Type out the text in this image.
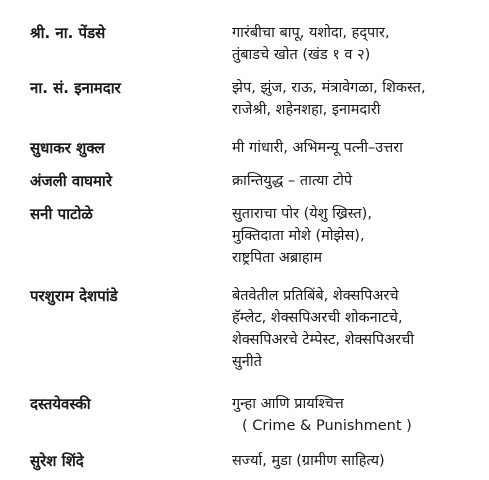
श्री. ना. पेंडसे	गारंबीचा बापू, यशोदा, हद्‌पार,
तुंबाडचे खोत (खंड १ व २)
ना. सं. इनामदार	झेप, झुंज, राऊ, मंत्रावेगळा, शिकस्त,
राजेश्री, शहेनशहा, इनामदारी
सुधाकर शुक्ल	मी गांधारी, अभिमन्यू पत्नी–उत्तरा
अंजली वाघमारे	क्रान्तियुद्ध – तात्या टोपे
सनी पाटोळे	सुताराचा पोर (येशु ख्रिस्त),
मुक्तिदाता मोशे (मोझेस),
राष्ट्रपिता अब्राहाम
परशुराम देशपांडे	बेतवेतील प्रतिबिंबे, शेक्सपिअरचे
हॅम्लेट, शेक्सपिअरची शोकनाटचे,
शेक्सपिअरचे टेम्पेस्ट, शेक्सपिअरची
सुनीते
दस्तयेवस्की	गुन्हा आणि प्रायश्चित्त
( Crime & Punishment )
सुरेश शिंदे	सर्ज्या, मुडा (ग्रामीण साहित्य)
